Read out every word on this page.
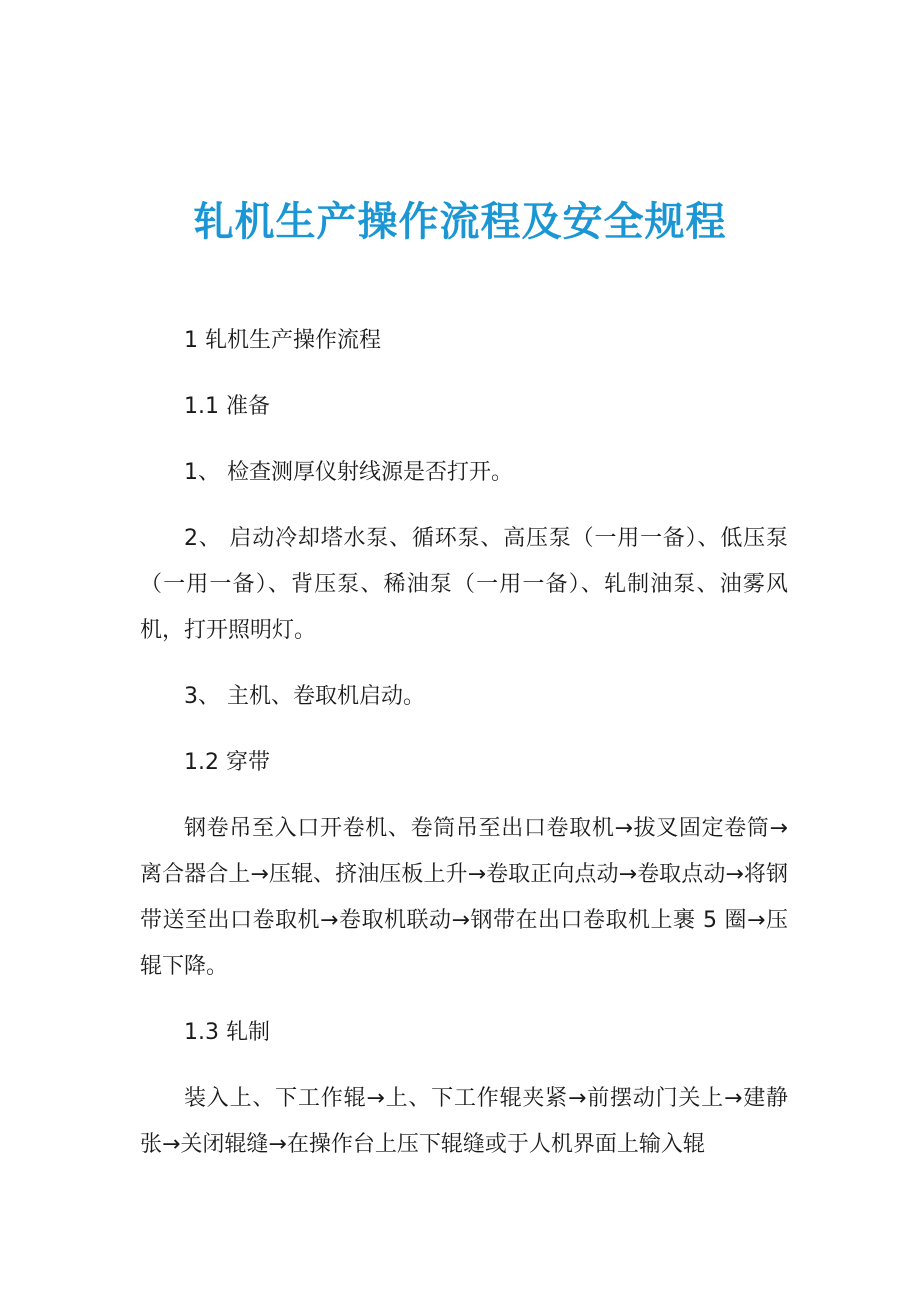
轧机生产操作流程及安全规程

1 轧机生产操作流程

1.1 准备

1、 检查测厚仪射线源是否打开。

2、 启动冷却塔水泵、循环泵、高压泵（一用一备）、低压泵（一用一备）、背压泵、稀油泵（一用一备）、轧制油泵、油雾风机，打开照明灯。

3、 主机、卷取机启动。

1.2 穿带

钢卷吊至入口开卷机、卷筒吊至出口卷取机→拔叉固定卷筒→离合器合上→压辊、挤油压板上升→卷取正向点动→卷取点动→将钢带送至出口卷取机→卷取机联动→钢带在出口卷取机上裹 5 圈→压辊下降。

1.3 轧制

装入上、下工作辊→上、下工作辊夹紧→前摆动门关上→建静张→关闭辊缝→在操作台上压下辊缝或于人机界面上输入辊
